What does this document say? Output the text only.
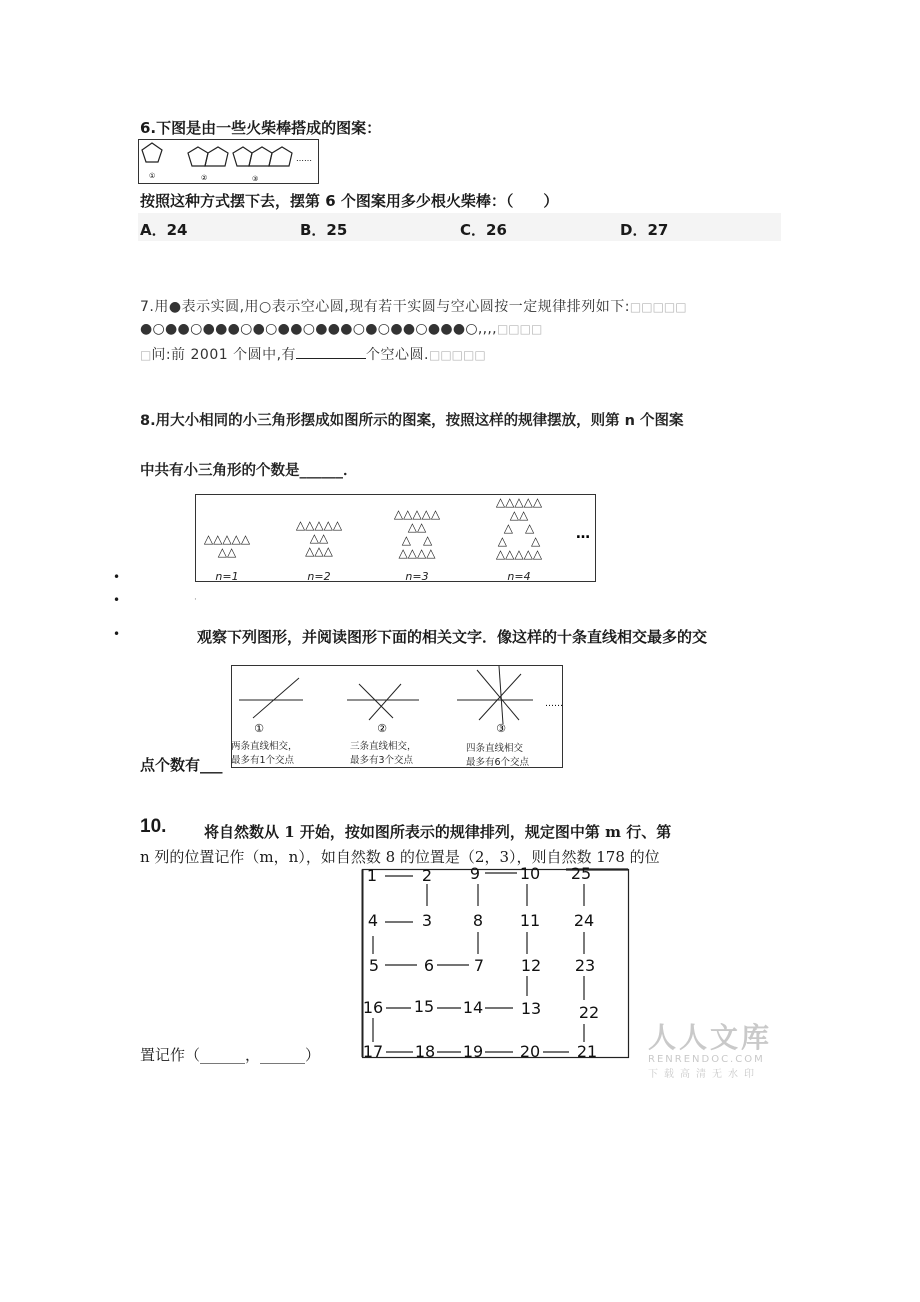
6.下图是由一些火柴棒搭成的图案：
①	②	③
……
按照这种方式摆下去，摆第 6 个图案用多少根火柴棒：（　　）
A．24	B．25	C．26	D．27
7.用●表示实圆,用○表示空心圆,现有若干实圆与空心圆按一定规律排列如下:□□□□□
●○●●○●●●○●○●●○●●●○●○●●○●●●○,,,,□□□□
□问:前 2001 个圆中,有	个空心圆.□□□□□
8.用大小相同的小三角形摆成如图所示的图案，按照这样的规律摆放，则第 n 个图案
中共有小三角形的个数是______．
△△△△△
△△
△△△△△
△△
△△△
△△△△△
△△
△　△
△△△△
△△△△△
△△
△　△
△　　△
△△△△△
n=1	n=2	n=3	n=4
…
•
•
•
·
观察下列图形，并阅读图形下面的相关文字．像这样的十条直线相交最多的交
……
①	②	③
两条直线相交，
最多有1个交点
三条直线相交，
最多有3个交点
四条直线相交
最多有6个交点
点个数有___
10.	将自然数从 1 开始，按如图所表示的规律排列，规定图中第 m 行、第
n 列的位置记作（m，n），如自然数 8 的位置是（2，3），则自然数 178 的位
置记作（______，______）
1	2 9 10 25
4	3	8 11 24
5	6 7 12 23
16 15 14 13 22
17 18 19 20 21 人人文库
RENRENDOC.COM
下载高清无水印
